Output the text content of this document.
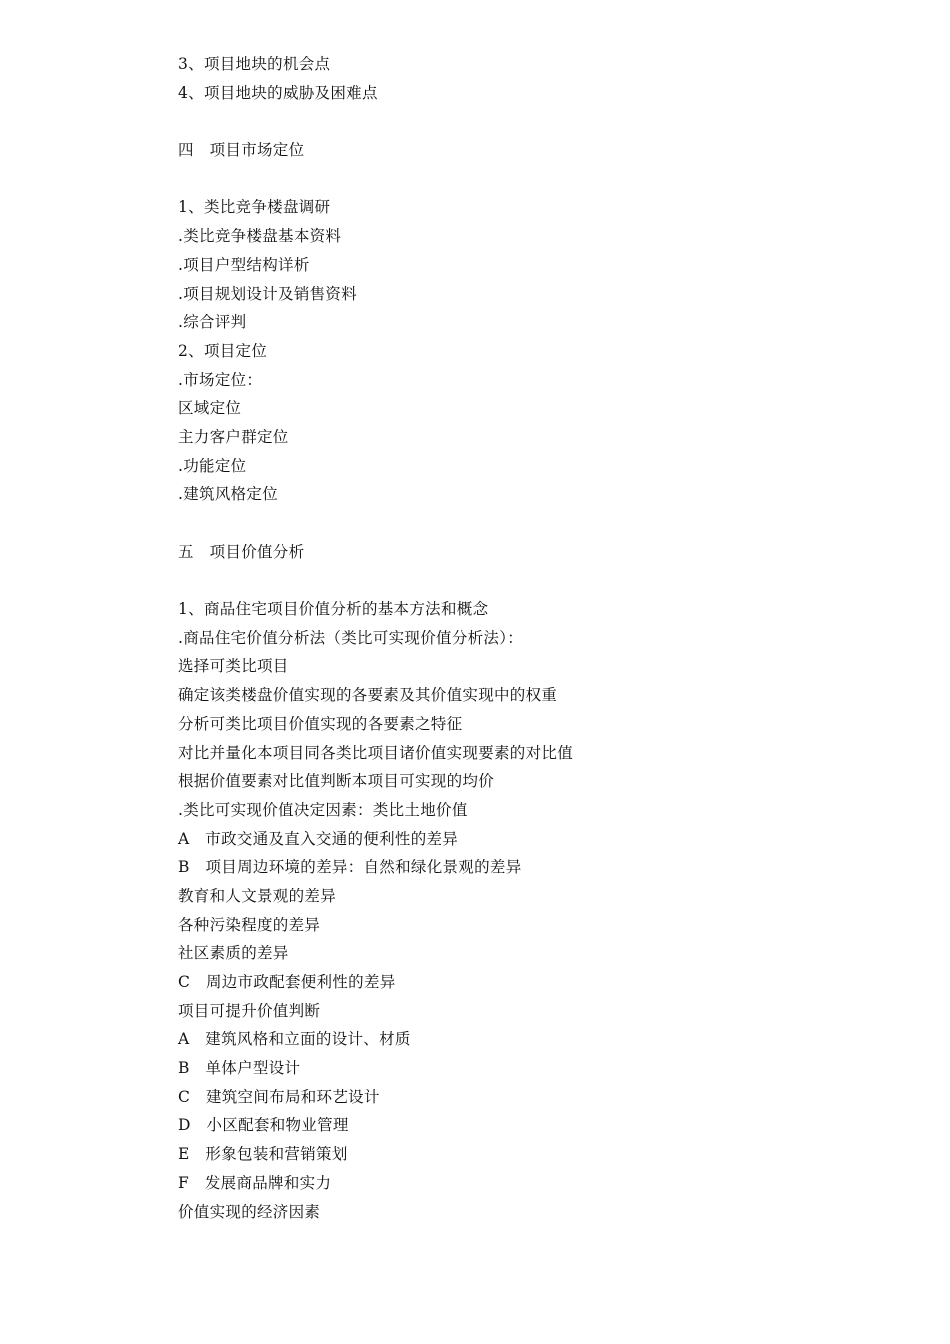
3、项目地块的机会点
4、项目地块的威胁及困难点
四　项目市场定位
1、类比竞争楼盘调研
.类比竞争楼盘基本资料
.项目户型结构详析
.项目规划设计及销售资料
.综合评判
2、项目定位
.市场定位：
区域定位
主力客户群定位
.功能定位
.建筑风格定位
五　项目价值分析
1、商品住宅项目价值分析的基本方法和概念
.商品住宅价值分析法（类比可实现价值分析法）：
选择可类比项目
确定该类楼盘价值实现的各要素及其价值实现中的权重
分析可类比项目价值实现的各要素之特征
对比并量化本项目同各类比项目诸价值实现要素的对比值
根据价值要素对比值判断本项目可实现的均价
.类比可实现价值决定因素：类比土地价值
A　市政交通及直入交通的便利性的差异
B　项目周边环境的差异：自然和绿化景观的差异
教育和人文景观的差异
各种污染程度的差异
社区素质的差异
C　周边市政配套便利性的差异
项目可提升价值判断
A　建筑风格和立面的设计、材质
B　单体户型设计
C　建筑空间布局和环艺设计
D　小区配套和物业管理
E　形象包装和营销策划
F　发展商品牌和实力
价值实现的经济因素
